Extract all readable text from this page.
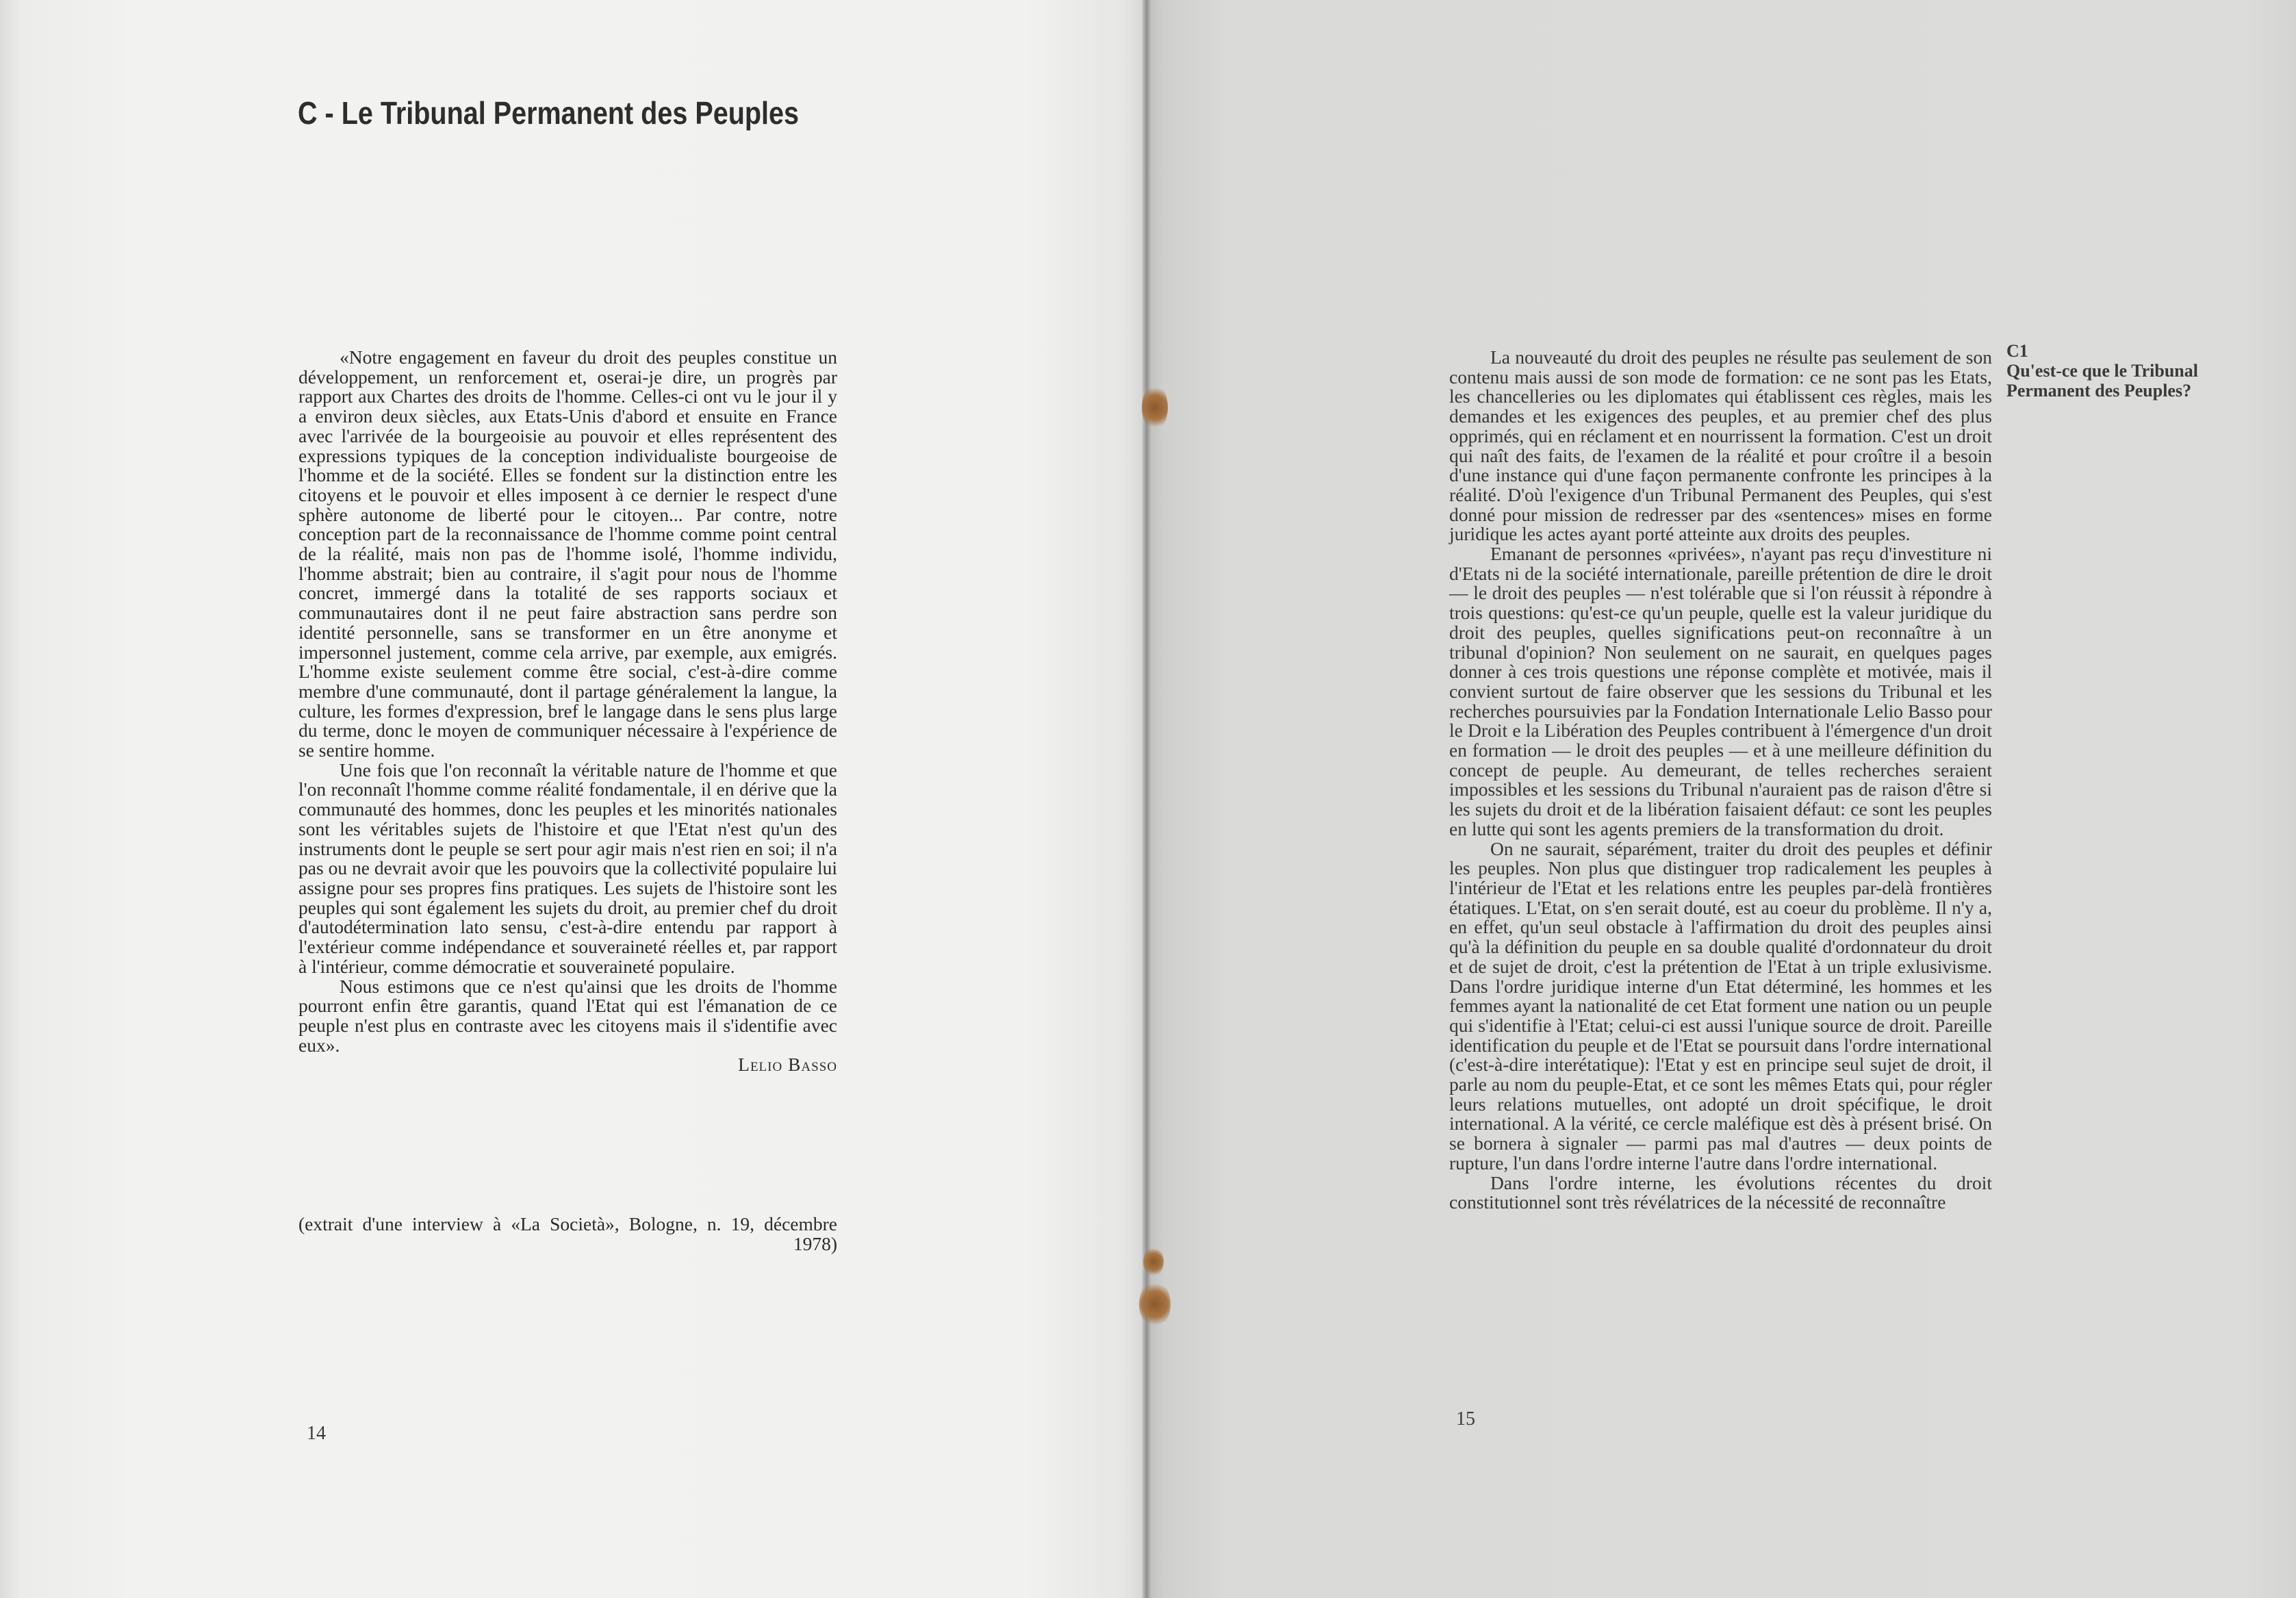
C - Le Tribunal Permanent des Peuples

«Notre engagement en faveur du droit des peuples constitue un développement, un renforcement et, oserai-je dire, un progrès par rapport aux Chartes des droits de l'homme. Celles-ci ont vu le jour il y a environ deux siècles, aux Etats-Unis d'abord et ensuite en France avec l'arrivée de la bourgeoisie au pouvoir et elles représentent des expressions typiques de la conception individualiste bourgeoise de l'homme et de la société. Elles se fondent sur la distinction entre les citoyens et le pouvoir et elles imposent à ce dernier le respect d'une sphère autonome de liberté pour le citoyen... Par contre, notre conception part de la reconnaissance de l'homme comme point central de la réalité, mais non pas de l'homme isolé, l'homme individu, l'homme abstrait; bien au contraire, il s'agit pour nous de l'homme concret, immergé dans la totalité de ses rapports sociaux et communautaires dont il ne peut faire abstraction sans perdre son identité personnelle, sans se transformer en un être anonyme et impersonnel justement, comme cela arrive, par exemple, aux emigrés. L'homme existe seulement comme être social, c'est-à-dire comme membre d'une communauté, dont il partage généralement la langue, la culture, les formes d'expression, bref le langage dans le sens plus large du terme, donc le moyen de communiquer nécessaire à l'expérience de se sentire homme.

Une fois que l'on reconnaît la véritable nature de l'homme et que l'on reconnaît l'homme comme réalité fondamentale, il en dérive que la communauté des hommes, donc les peuples et les minorités nationales sont les véritables sujets de l'histoire et que l'Etat n'est qu'un des instruments dont le peuple se sert pour agir mais n'est rien en soi; il n'a pas ou ne devrait avoir que les pouvoirs que la collectivité populaire lui assigne pour ses propres fins pratiques. Les sujets de l'histoire sont les peuples qui sont également les sujets du droit, au premier chef du droit d'autodétermination lato sensu, c'est-à-dire entendu par rapport à l'extérieur comme indépendance et souveraineté réelles et, par rapport à l'intérieur, comme démocratie et souveraineté populaire.

Nous estimons que ce n'est qu'ainsi que les droits de l'homme pourront enfin être garantis, quand l'Etat qui est l'émanation de ce peuple n'est plus en contraste avec les citoyens mais il s'identifie avec eux».

Lelio Basso

(extrait d'une interview à «La Società», Bologne, n. 19, décembre 1978)
14

La nouveauté du droit des peuples ne résulte pas seulement de son contenu mais aussi de son mode de formation: ce ne sont pas les Etats, les chancelleries ou les diplomates qui établissent ces règles, mais les demandes et les exigences des peuples, et au premier chef des plus opprimés, qui en réclament et en nourrissent la formation. C'est un droit qui naît des faits, de l'examen de la réalité et pour croître il a besoin d'une instance qui d'une façon permanente confronte les principes à la réalité. D'où l'exigence d'un Tribunal Permanent des Peuples, qui s'est donné pour mission de redresser par des «sentences» mises en forme juridique les actes ayant porté atteinte aux droits des peuples.

Emanant de personnes «privées», n'ayant pas reçu d'investiture ni d'Etats ni de la société internationale, pareille prétention de dire le droit — le droit des peuples — n'est tolérable que si l'on réussit à répondre à trois questions: qu'est-ce qu'un peuple, quelle est la valeur juridique du droit des peuples, quelles significations peut-on reconnaître à un tribunal d'opinion? Non seulement on ne saurait, en quelques pages donner à ces trois questions une réponse complète et motivée, mais il convient surtout de faire observer que les sessions du Tribunal et les recherches poursuivies par la Fondation Internationale Lelio Basso pour le Droit e la Libération des Peuples contribuent à l'émergence d'un droit en formation — le droit des peuples — et à une meilleure définition du concept de peuple. Au demeurant, de telles recherches seraient impossibles et les sessions du Tribunal n'auraient pas de raison d'être si les sujets du droit et de la libération faisaient défaut: ce sont les peuples en lutte qui sont les agents premiers de la transformation du droit.

On ne saurait, séparément, traiter du droit des peuples et définir les peuples. Non plus que distinguer trop radicalement les peuples à l'intérieur de l'Etat et les relations entre les peuples par-delà frontières étatiques. L'Etat, on s'en serait douté, est au coeur du problème. Il n'y a, en effet, qu'un seul obstacle à l'affirmation du droit des peuples ainsi qu'à la définition du peuple en sa double qualité d'ordonnateur du droit et de sujet de droit, c'est la prétention de l'Etat à un triple exlusivisme. Dans l'ordre juridique interne d'un Etat déterminé, les hommes et les femmes ayant la nationalité de cet Etat forment une nation ou un peuple qui s'identifie à l'Etat; celui-ci est aussi l'unique source de droit. Pareille identification du peuple et de l'Etat se poursuit dans l'ordre international (c'est-à-dire interétatique): l'Etat y est en principe seul sujet de droit, il parle au nom du peuple-Etat, et ce sont les mêmes Etats qui, pour régler leurs relations mutuelles, ont adopté un droit spécifique, le droit international. A la vérité, ce cercle maléfique est dès à présent brisé. On se bornera à signaler — parmi pas mal d'autres — deux points de rupture, l'un dans l'ordre interne l'autre dans l'ordre international.

Dans l'ordre interne, les évolutions récentes du droit constitutionnel sont très révélatrices de la nécessité de reconnaître

C1
Qu'est-ce que le Tribunal Permanent des Peuples?
15
